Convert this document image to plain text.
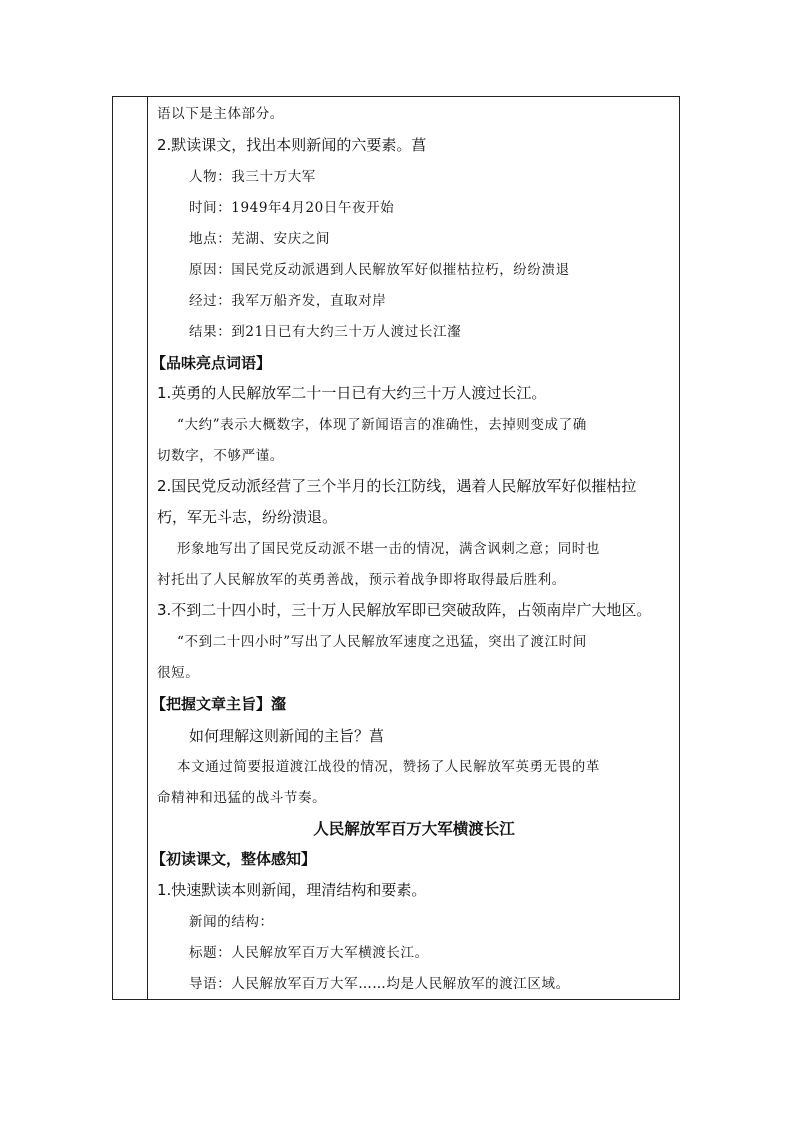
语以下是主体部分。
2.默读课文，找出本则新闻的六要素。菖
人物：我三十万大军
时间：1949年4月20日午夜开始
地点：芜湖、安庆之间
原因：国民党反动派遇到人民解放军好似摧枯拉朽，纷纷溃退
经过：我军万船齐发，直取对岸
结果：到21日已有大约三十万人渡过长江瀣
【品味亮点词语】
1.英勇的人民解放军二十一日已有大约三十万人渡过长江。
“大约”表示大概数字，体现了新闻语言的准确性，去掉则变成了确
切数字，不够严谨。
2.国民党反动派经营了三个半月的长江防线，遇着人民解放军好似摧枯拉
朽，军无斗志，纷纷溃退。
形象地写出了国民党反动派不堪一击的情况，满含讽刺之意；同时也
衬托出了人民解放军的英勇善战，预示着战争即将取得最后胜利。
3.不到二十四小时，三十万人民解放军即已突破敌阵，占领南岸广大地区。
“不到二十四小时”写出了人民解放军速度之迅猛，突出了渡江时间
很短。
【把握文章主旨】瀣
如何理解这则新闻的主旨？菖
本文通过简要报道渡江战役的情况，赞扬了人民解放军英勇无畏的革
命精神和迅猛的战斗节奏。
人民解放军百万大军横渡长江
【初读课文，整体感知】
1.快速默读本则新闻，理清结构和要素。
新闻的结构：
标题：人民解放军百万大军横渡长江。
导语：人民解放军百万大军……均是人民解放军的渡江区域。
